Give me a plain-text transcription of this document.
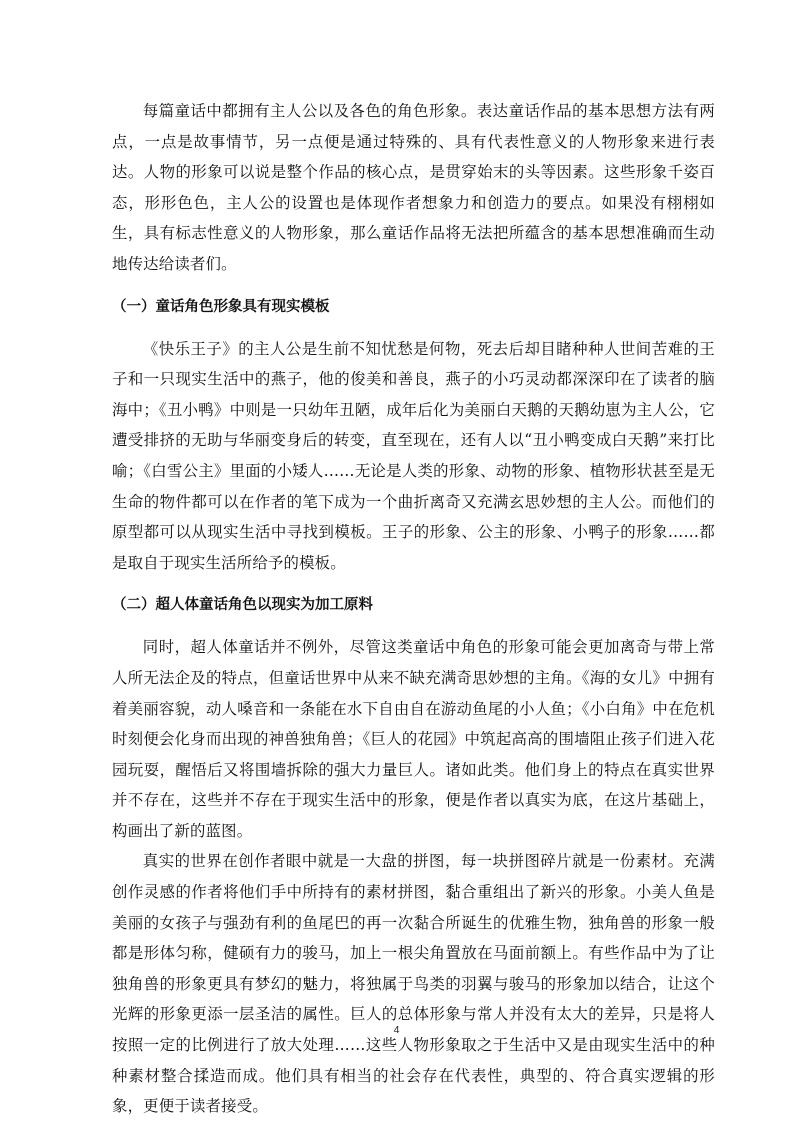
每篇童话中都拥有主人公以及各色的角色形象。表达童话作品的基本思想方法有两点，一点是故事情节，另一点便是通过特殊的、具有代表性意义的人物形象来进行表达。人物的形象可以说是整个作品的核心点，是贯穿始末的头等因素。这些形象千姿百态，形形色色，主人公的设置也是体现作者想象力和创造力的要点。如果没有栩栩如生，具有标志性意义的人物形象，那么童话作品将无法把所蕴含的基本思想准确而生动地传达给读者们。

（一）童话角色形象具有现实模板

《快乐王子》的主人公是生前不知忧愁是何物，死去后却目睹种种人世间苦难的王子和一只现实生活中的燕子，他的俊美和善良，燕子的小巧灵动都深深印在了读者的脑海中；《丑小鸭》中则是一只幼年丑陋，成年后化为美丽白天鹅的天鹅幼崽为主人公，它遭受排挤的无助与华丽变身后的转变，直至现在，还有人以“丑小鸭变成白天鹅”来打比喻；《白雪公主》里面的小矮人……无论是人类的形象、动物的形象、植物形状甚至是无生命的物件都可以在作者的笔下成为一个曲折离奇又充满玄思妙想的主人公。而他们的原型都可以从现实生活中寻找到模板。王子的形象、公主的形象、小鸭子的形象……都是取自于现实生活所给予的模板。

（二）超人体童话角色以现实为加工原料

同时，超人体童话并不例外，尽管这类童话中角色的形象可能会更加离奇与带上常人所无法企及的特点，但童话世界中从来不缺充满奇思妙想的主角。《海的女儿》中拥有着美丽容貌，动人嗓音和一条能在水下自由自在游动鱼尾的小人鱼；《小白角》中在危机时刻便会化身而出现的神兽独角兽；《巨人的花园》中筑起高高的围墙阻止孩子们进入花园玩耍，醒悟后又将围墙拆除的强大力量巨人。诸如此类。他们身上的特点在真实世界并不存在，这些并不存在于现实生活中的形象，便是作者以真实为底，在这片基础上，构画出了新的蓝图。

真实的世界在创作者眼中就是一大盘的拼图，每一块拼图碎片就是一份素材。充满创作灵感的作者将他们手中所持有的素材拼图，黏合重组出了新兴的形象。小美人鱼是美丽的女孩子与强劲有利的鱼尾巴的再一次黏合所诞生的优雅生物，独角兽的形象一般都是形体匀称，健硕有力的骏马，加上一根尖角置放在马面前额上。有些作品中为了让独角兽的形象更具有梦幻的魅力，将独属于鸟类的羽翼与骏马的形象加以结合，让这个光辉的形象更添一层圣洁的属性。巨人的总体形象与常人并没有太大的差异，只是将人按照一定的比例进行了放大处理……这些人物形象取之于生活中又是由现实生活中的种种素材整合揉造而成。他们具有相当的社会存在代表性，典型的、符合真实逻辑的形象，更便于读者接受。

4
